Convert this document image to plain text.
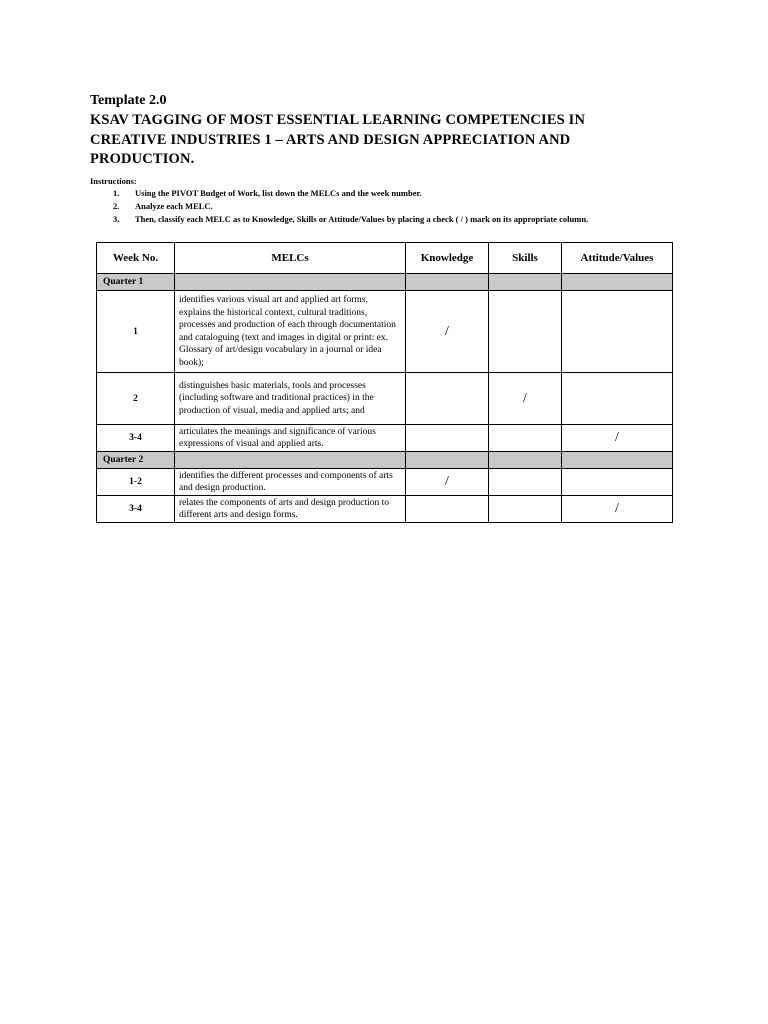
Template 2.0
KSAV TAGGING OF MOST ESSENTIAL LEARNING COMPETENCIES IN CREATIVE INDUSTRIES 1 – ARTS AND DESIGN APPRECIATION AND PRODUCTION.
Instructions:
1.	Using the PIVOT Budget of Work, list down the MELCs and the week number.
2.	Analyze each MELC.
3.	Then, classify each MELC as to Knowledge, Skills or Attitude/Values by placing a check ( / ) mark on its appropriate column.
Week No.	MELCs	Knowledge	Skills	Attitude/Values
Quarter 1				
1	identifies various visual art and applied art forms, explains the historical context, cultural traditions, processes and production of each through documentation and cataloguing (text and images in digital or print: ex. Glossary of art/design vocabulary in a journal or idea book);	/		
2	distinguishes basic materials, tools and processes (including software and traditional practices) in the production of visual, media and applied arts; and		/	
3-4	articulates the meanings and significance of various expressions of visual and applied arts.			/
Quarter 2				
1-2	identifies the different processes and components of arts and design production.	/		
3-4	relates the components of arts and design production to different arts and design forms.			/
